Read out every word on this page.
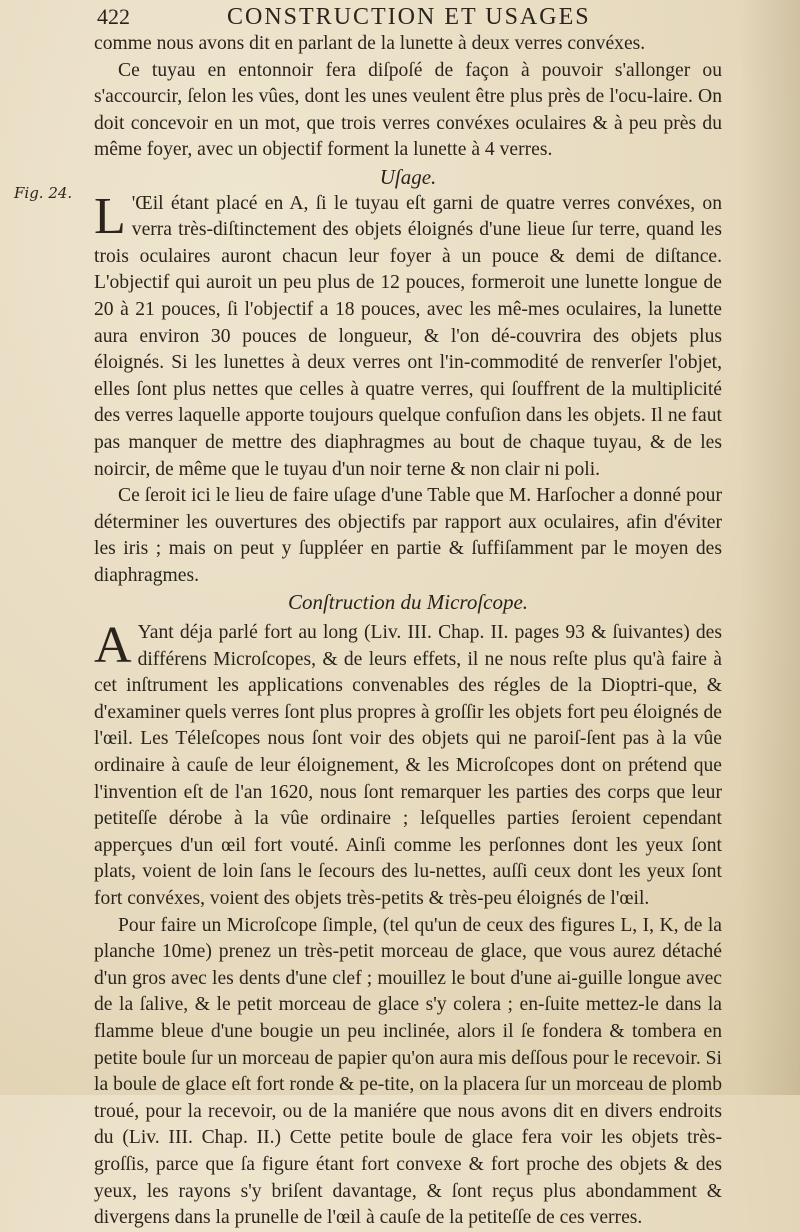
422	CONSTRUCTION ET USAGES
Fig. 24.

comme nous avons dit en parlant de la lunette à deux verres convéxes.

Ce tuyau en entonnoir fera diſpoſé de façon à pouvoir s'allonger ou s'accourcir, ſelon les vûes, dont les unes veulent être plus près de l'ocu-laire. On doit concevoir en un mot, que trois verres convéxes oculaires & à peu près du même foyer, avec un objectif forment la lunette à 4 verres.

Uſage.

L 'Œil étant placé en A, ſi le tuyau eſt garni de quatre verres convéxes, on verra très-diſtinctement des objets éloignés d'une lieue ſur terre, quand les trois oculaires auront chacun leur foyer à un pouce & demi de diſtance. L'objectif qui auroit un peu plus de 12 pouces, formeroit une lunette longue de 20 à 21 pouces, ſi l'objectif a 18 pouces, avec les mê-mes oculaires, la lunette aura environ 30 pouces de longueur, & l'on dé-couvrira des objets plus éloignés. Si les lunettes à deux verres ont l'in-commodité de renverſer l'objet, elles ſont plus nettes que celles à quatre verres, qui ſouffrent de la multiplicité des verres laquelle apporte toujours quelque confuſion dans les objets. Il ne faut pas manquer de mettre des diaphragmes au bout de chaque tuyau, & de les noircir, de même que le tuyau d'un noir terne & non clair ni poli.

Ce ſeroit ici le lieu de faire uſage d'une Table que M. Harſocher a donné pour déterminer les ouvertures des objectifs par rapport aux oculaires, afin d'éviter les iris ; mais on peut y ſuppléer en partie & ſuffiſamment par le moyen des diaphragmes.

Conſtruction du Microſcope.

A Yant déja parlé fort au long (Liv. III. Chap. II. pages 93 & ſuivantes) des différens Microſcopes, & de leurs effets, il ne nous reſte plus qu'à faire à cet inſtrument les applications convenables des régles de la Dioptri-que, & d'examiner quels verres ſont plus propres à groſſir les objets fort peu éloignés de l'œil. Les Téleſcopes nous ſont voir des objets qui ne paroiſ-ſent pas à la vûe ordinaire à cauſe de leur éloignement, & les Microſcopes dont on prétend que l'invention eſt de l'an 1620, nous ſont remarquer les parties des corps que leur petiteſſe dérobe à la vûe ordinaire ; leſquelles parties ſeroient cependant apperçues d'un œil fort vouté. Ainſi comme les perſonnes dont les yeux ſont plats, voient de loin ſans le ſecours des lu-nettes, auſſi ceux dont les yeux ſont fort convéxes, voient des objets très-petits & très-peu éloignés de l'œil.

Pour faire un Microſcope ſimple, (tel qu'un de ceux des figures L, I, K, de la planche 10me) prenez un très-petit morceau de glace, que vous aurez détaché d'un gros avec les dents d'une clef ; mouillez le bout d'une ai-guille longue avec de la ſalive, & le petit morceau de glace s'y colera ; en-ſuite mettez-le dans la flamme bleue d'une bougie un peu inclinée, alors il ſe fondera & tombera en petite boule ſur un morceau de papier qu'on aura mis deſſous pour le recevoir. Si la boule de glace eſt fort ronde & pe-tite, on la placera ſur un morceau de plomb troué, pour la recevoir, ou de la maniére que nous avons dit en divers endroits du (Liv. III. Chap. II.) Cette petite boule de glace fera voir les objets très-groſſis, parce que ſa figure étant fort convexe & fort proche des objets & des yeux, les rayons s'y briſent davantage, & ſont reçus plus abondamment & divergens dans la prunelle de l'œil à cauſe de la petiteſſe de ces verres.
